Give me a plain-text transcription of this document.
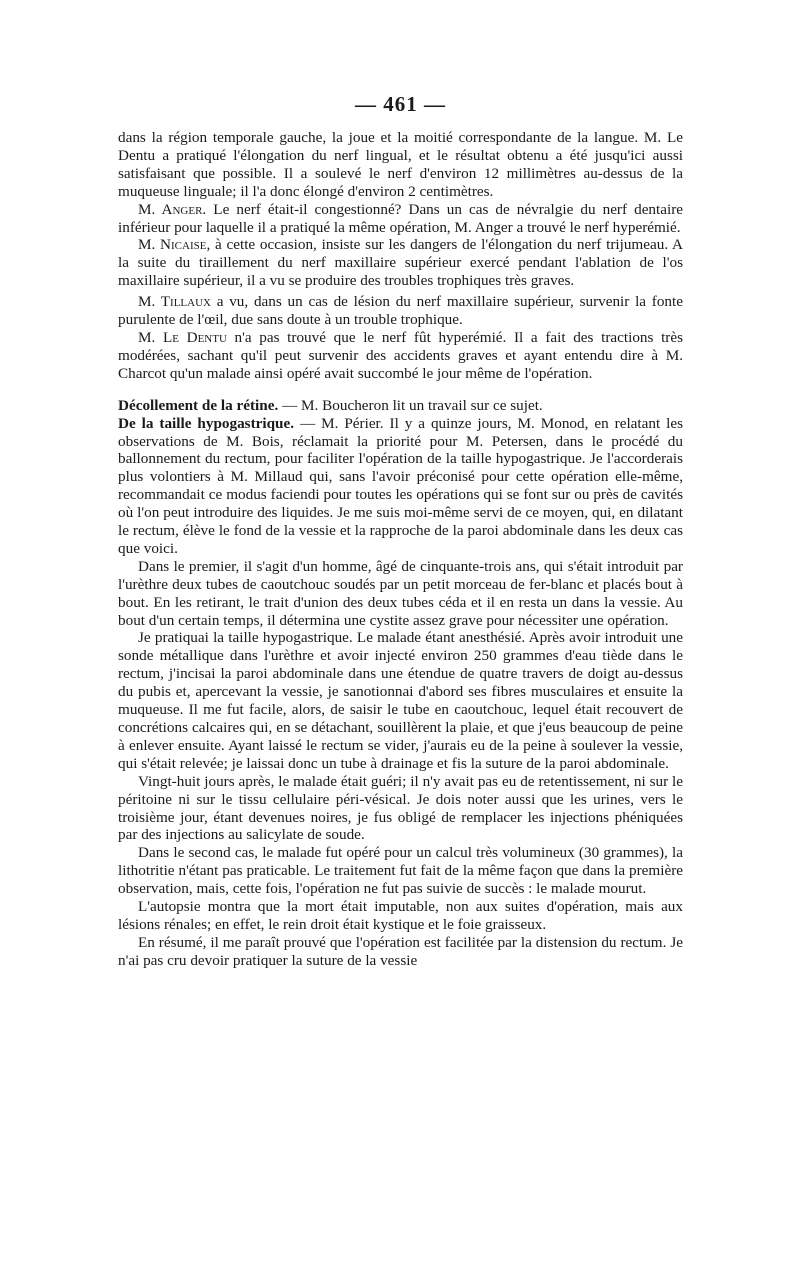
— 461 —

dans la région temporale gauche, la joue et la moitié correspondante de la langue. M. Le Dentu a pratiqué l'élongation du nerf lingual, et le résultat obtenu a été jusqu'ici aussi satisfaisant que possible. Il a soulevé le nerf d'environ 12 millimètres au-dessus de la muqueuse linguale; il l'a donc élongé d'environ 2 centimètres.

M. Anger. Le nerf était-il congestionné? Dans un cas de névralgie du nerf dentaire inférieur pour laquelle il a pratiqué la même opération, M. Anger a trouvé le nerf hyperémié.

M. Nicaise, à cette occasion, insiste sur les dangers de l'élongation du nerf trijumeau. A la suite du tiraillement du nerf maxillaire supérieur exercé pendant l'ablation de l'os maxillaire supérieur, il a vu se produire des troubles trophiques très graves.

M. Tillaux a vu, dans un cas de lésion du nerf maxillaire supérieur, survenir la fonte purulente de l'œil, due sans doute à un trouble trophique.

M. Le Dentu n'a pas trouvé que le nerf fût hyperémié. Il a fait des tractions très modérées, sachant qu'il peut survenir des accidents graves et ayant entendu dire à M. Charcot qu'un malade ainsi opéré avait succombé le jour même de l'opération.

Décollement de la rétine. — M. Boucheron lit un travail sur ce sujet.

De la taille hypogastrique. — M. Périer. Il y a quinze jours, M. Monod, en relatant les observations de M. Bois, réclamait la priorité pour M. Petersen, dans le procédé du ballonnement du rectum, pour faciliter l'opération de la taille hypogastrique. Je l'accorderais plus volontiers à M. Millaud qui, sans l'avoir préconisé pour cette opération elle-même, recommandait ce modus faciendi pour toutes les opérations qui se font sur ou près de cavités où l'on peut introduire des liquides. Je me suis moi-même servi de ce moyen, qui, en dilatant le rectum, élève le fond de la vessie et la rapproche de la paroi abdominale dans les deux cas que voici.

Dans le premier, il s'agit d'un homme, âgé de cinquante-trois ans, qui s'était introduit par l'urèthre deux tubes de caoutchouc soudés par un petit morceau de fer-blanc et placés bout à bout. En les retirant, le trait d'union des deux tubes céda et il en resta un dans la vessie. Au bout d'un certain temps, il détermina une cystite assez grave pour nécessiter une opération.

Je pratiquai la taille hypogastrique. Le malade étant anesthésié. Après avoir introduit une sonde métallique dans l'urèthre et avoir injecté environ 250 grammes d'eau tiède dans le rectum, j'incisai la paroi abdominale dans une étendue de quatre travers de doigt au-dessus du pubis et, apercevant la vessie, je sanotionnai d'abord ses fibres musculaires et ensuite la muqueuse. Il me fut facile, alors, de saisir le tube en caoutchouc, lequel était recouvert de concrétions calcaires qui, en se détachant, souillèrent la plaie, et que j'eus beaucoup de peine à enlever ensuite. Ayant laissé le rectum se vider, j'aurais eu de la peine à soulever la vessie, qui s'était relevée; je laissai donc un tube à drainage et fis la suture de la paroi abdominale.

Vingt-huit jours après, le malade était guéri; il n'y avait pas eu de retentissement, ni sur le péritoine ni sur le tissu cellulaire péri-vésical. Je dois noter aussi que les urines, vers le troisième jour, étant devenues noires, je fus obligé de remplacer les injections phéniquées par des injections au salicylate de soude.

Dans le second cas, le malade fut opéré pour un calcul très volumineux (30 grammes), la lithotritie n'étant pas praticable. Le traitement fut fait de la même façon que dans la première observation, mais, cette fois, l'opération ne fut pas suivie de succès : le malade mourut.

L'autopsie montra que la mort était imputable, non aux suites d'opération, mais aux lésions rénales; en effet, le rein droit était kystique et le foie graisseux.

En résumé, il me paraît prouvé que l'opération est facilitée par la distension du rectum. Je n'ai pas cru devoir pratiquer la suture de la vessie
